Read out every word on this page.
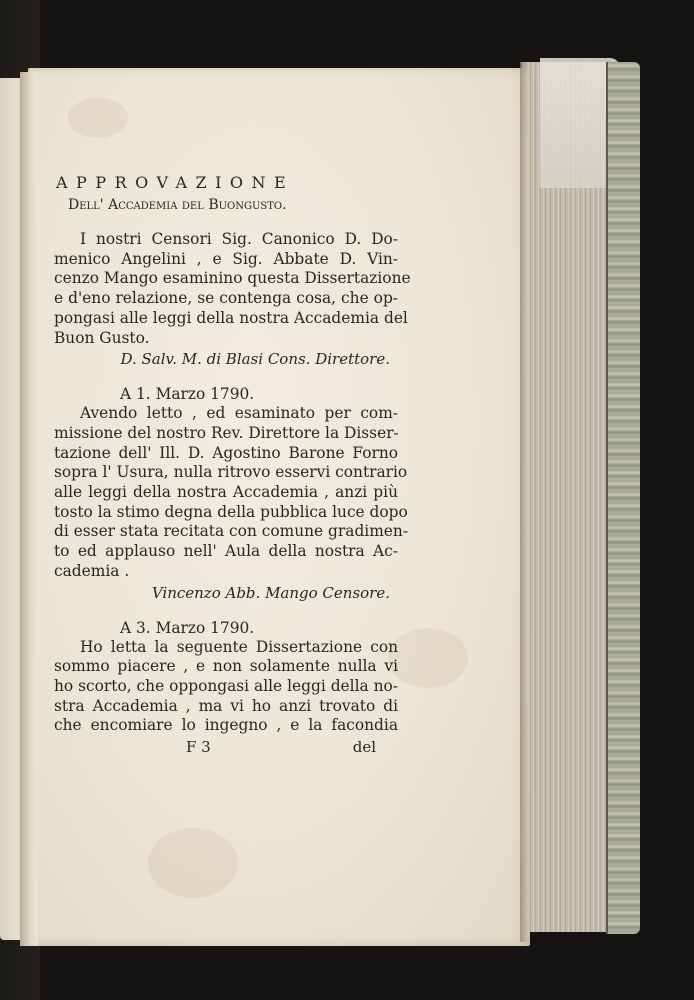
APPROVAZIONE
Dell' Accademia del Buongusto.
I nostri Censori Sig. Canonico D. Do-
menico Angelini , e Sig. Abbate D. Vin-
cenzo Mango esaminino questa Dissertazione
e d'eno relazione, se contenga cosa, che op-
pongasi alle leggi della nostra Accademia del
Buon Gusto.
D. Salv. M. di Blasi Cons. Direttore.
A 1. Marzo 1790.
Avendo letto , ed esaminato per com-
missione del nostro Rev. Direttore la Disser-
tazione dell' Ill. D. Agostino Barone Forno
sopra l' Usura, nulla ritrovo esservi contrario
alle leggi della nostra Accademia , anzi più
tosto la stimo degna della pubblica luce dopo
di esser stata recitata con comune gradimen-
to ed applauso nell' Aula della nostra Ac-
cademia .
Vincenzo Abb. Mango Censore.
A 3. Marzo 1790.
Ho letta la seguente Dissertazione con
sommo piacere , e non solamente nulla vi
ho scorto, che oppongasi alle leggi della no-
stra Accademia , ma vi ho anzi trovato di
che encomiare lo ingegno , e la facondia
F 3	del
